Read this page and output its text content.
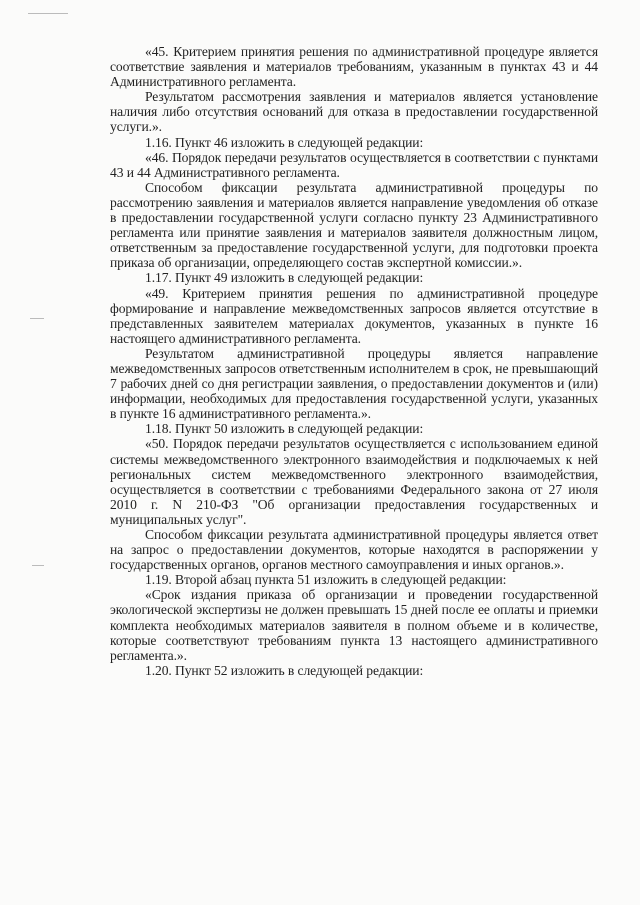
«45. Критерием принятия решения по административной процедуре является соответствие заявления и материалов требованиям, указанным в пунктах 43 и 44 Административного регламента.

Результатом рассмотрения заявления и материалов является установление наличия либо отсутствия оснований для отказа в предоставлении государственной услуги.».

1.16. Пункт 46 изложить в следующей редакции:

«46. Порядок передачи результатов осуществляется в соответствии с пунктами 43 и 44 Административного регламента.

Способом фиксации результата административной процедуры по рассмотрению заявления и материалов является направление уведомления об отказе в предоставлении государственной услуги согласно пункту 23 Административного регламента или принятие заявления и материалов заявителя должностным лицом, ответственным за предоставление государственной услуги, для подготовки проекта приказа об организации, определяющего состав экспертной комиссии.».

1.17. Пункт 49 изложить в следующей редакции:

«49. Критерием принятия решения по административной процедуре формирование и направление межведомственных запросов является отсутствие в представленных заявителем материалах документов, указанных в пункте 16 настоящего административного регламента.

Результатом административной процедуры является направление межведомственных запросов ответственным исполнителем в срок, не превышающий 7 рабочих дней со дня регистрации заявления, о предоставлении документов и (или) информации, необходимых для предоставления государственной услуги, указанных в пункте 16 административного регламента.».

1.18. Пункт 50 изложить в следующей редакции:

«50. Порядок передачи результатов осуществляется с использованием единой системы межведомственного электронного взаимодействия и подключаемых к ней региональных систем межведомственного электронного взаимодействия, осуществляется в соответствии с требованиями Федерального закона от 27 июля 2010 г. N 210-ФЗ "Об организации предоставления государственных и муниципальных услуг".

Способом фиксации результата административной процедуры является ответ на запрос о предоставлении документов, которые находятся в распоряжении у государственных органов, органов местного самоуправления и иных органов.».

1.19. Второй абзац пункта 51 изложить в следующей редакции:

«Срок издания приказа об организации и проведении государственной экологической экспертизы не должен превышать 15 дней после ее оплаты и приемки комплекта необходимых материалов заявителя в полном объеме и в количестве, которые соответствуют требованиям пункта 13 настоящего административного регламента.».

1.20. Пункт 52 изложить в следующей редакции:
